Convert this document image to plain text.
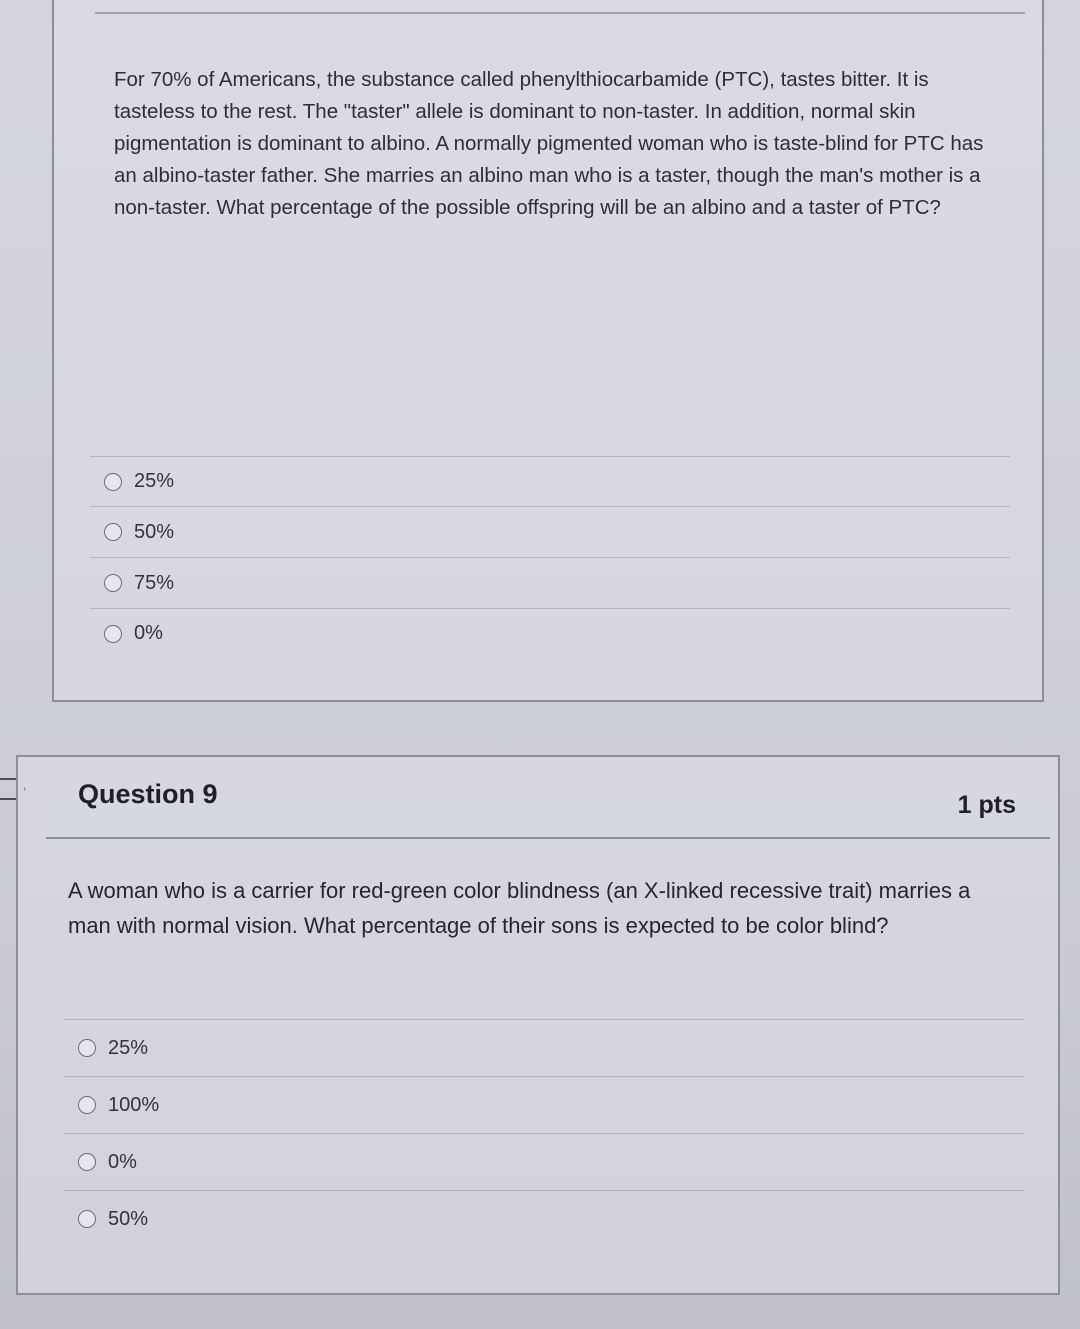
For 70% of Americans, the substance called phenylthiocarbamide (PTC), tastes bitter. It is tasteless to the rest. The "taster" allele is dominant to non-taster. In addition, normal skin pigmentation is dominant to albino. A normally pigmented woman who is taste-blind for PTC has an albino-taster father. She marries an albino man who is a taster, though the man's mother is a non-taster. What percentage of the possible offspring will be an albino and a taster of PTC?
25%
50%
75%
0%
Question 9	1 pts
A woman who is a carrier for red-green color blindness (an X-linked recessive trait) marries a man with normal vision. What percentage of their sons is expected to be color blind?
25%
100%
0%
50%
